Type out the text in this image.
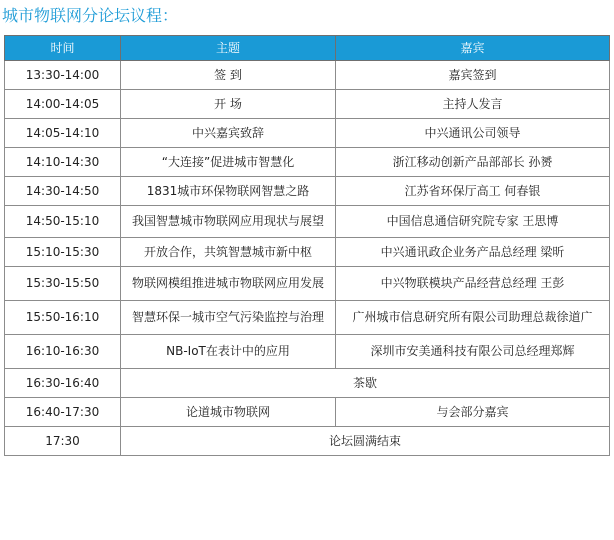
城市物联网分论坛议程：
时间	主题	嘉宾
13:30-14:00	签 到	嘉宾签到
14:00-14:05	开 场	主持人发言
14:05-14:10	中兴嘉宾致辞	中兴通讯公司领导
14:10-14:30	“大连接”促进城市智慧化	浙江移动创新产品部部长 孙赟
14:30-14:50	1831城市环保物联网智慧之路	江苏省环保厅高工 何春银
14:50-15:10	我国智慧城市物联网应用现状与展望	中国信息通信研究院专家 王思博
15:10-15:30	开放合作，共筑智慧城市新中枢	中兴通讯政企业务产品总经理 梁昕
15:30-15:50	物联网模组推进城市物联网应用发展	中兴物联模块产品经营总经理 王彭
15:50-16:10	智慧环保一城市空气污染监控与治理	广州城市信息研究所有限公司助理总裁徐道广
16:10-16:30	NB-IoT在表计中的应用	深圳市安美通科技有限公司总经理郑辉
16:30-16:40	茶歇	
16:40-17:30	论道城市物联网	与会部分嘉宾
17:30	论坛圆满结束	
